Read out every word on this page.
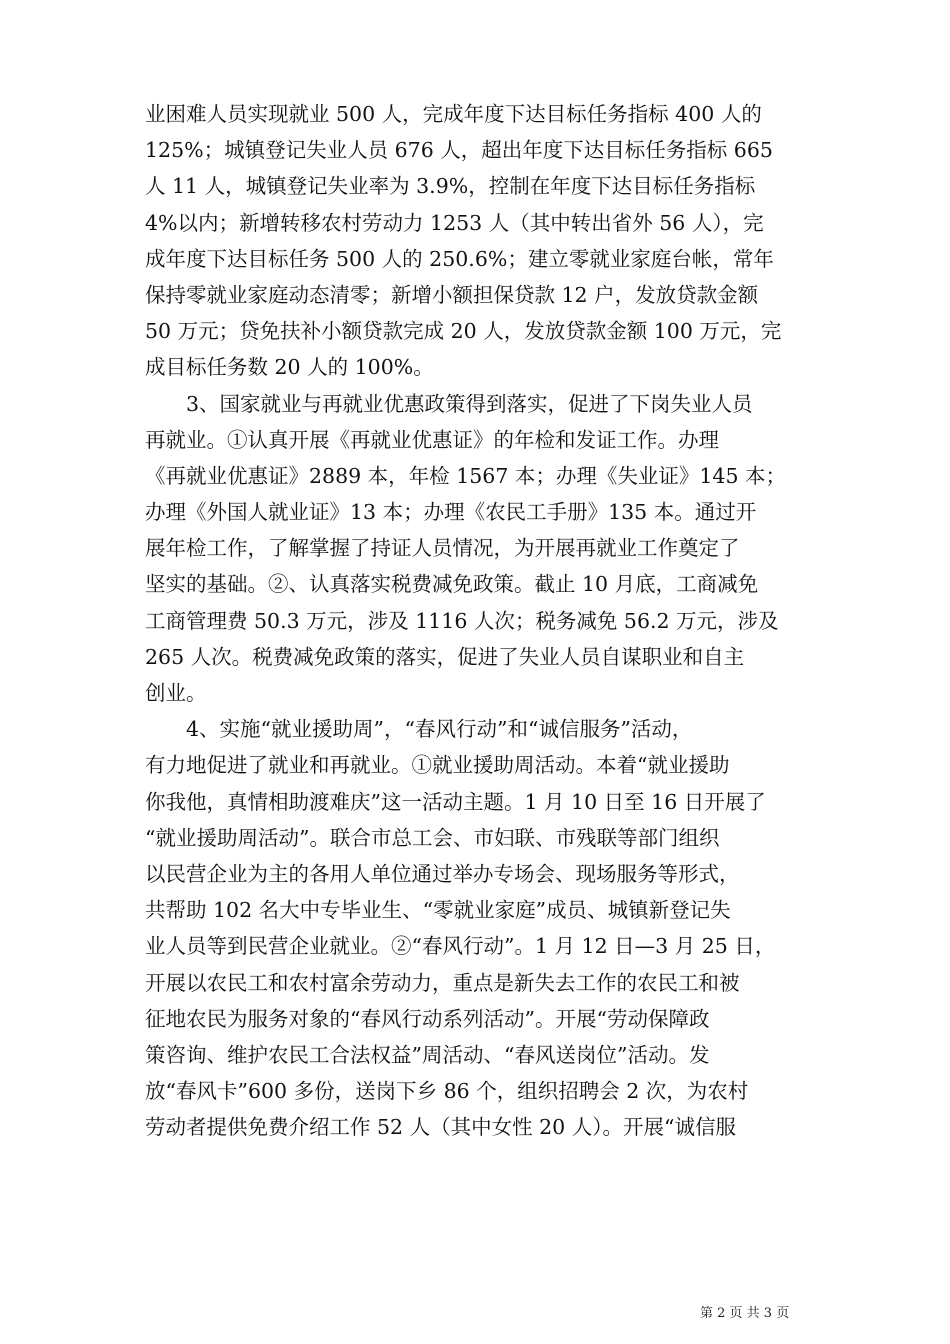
业困难人员实现就业 500 人，完成年度下达目标任务指标 400 人的
125%；城镇登记失业人员 676 人，超出年度下达目标任务指标 665
人 11 人，城镇登记失业率为 3.9%，控制在年度下达目标任务指标
4%以内；新增转移农村劳动力 1253 人（其中转出省外 56 人），完
成年度下达目标任务 500 人的 250.6%；建立零就业家庭台帐，常年
保持零就业家庭动态清零；新增小额担保贷款 12 户，发放贷款金额
50 万元；贷免扶补小额贷款完成 20 人，发放贷款金额 100 万元，完
成目标任务数 20 人的 100%。
3、国家就业与再就业优惠政策得到落实，促进了下岗失业人员
再就业。①认真开展《再就业优惠证》的年检和发证工作。办理
《再就业优惠证》2889 本，年检 1567 本；办理《失业证》145 本；
办理《外国人就业证》13 本；办理《农民工手册》135 本。通过开
展年检工作，了解掌握了持证人员情况，为开展再就业工作奠定了
坚实的基础。②、认真落实税费减免政策。截止 10 月底，工商减免
工商管理费 50.3 万元，涉及 1116 人次；税务减免 56.2 万元，涉及
265 人次。税费减免政策的落实，促进了失业人员自谋职业和自主
创业。
4、实施“就业援助周”，“春风行动”和“诚信服务”活动，
有力地促进了就业和再就业。①就业援助周活动。本着“就业援助
你我他，真情相助渡难庆”这一活动主题。1 月 10 日至 16 日开展了
“就业援助周活动”。联合市总工会、市妇联、市残联等部门组织
以民营企业为主的各用人单位通过举办专场会、现场服务等形式，
共帮助 102 名大中专毕业生、“零就业家庭”成员、城镇新登记失
业人员等到民营企业就业。②“春风行动”。1 月 12 日—3 月 25 日，
开展以农民工和农村富余劳动力，重点是新失去工作的农民工和被
征地农民为服务对象的“春风行动系列活动”。开展“劳动保障政
策咨询、维护农民工合法权益”周活动、“春风送岗位”活动。发
放“春风卡”600 多份，送岗下乡 86 个，组织招聘会 2 次，为农村
劳动者提供免费介绍工作 52 人（其中女性 20 人）。开展“诚信服
第 2 页 共 3 页
